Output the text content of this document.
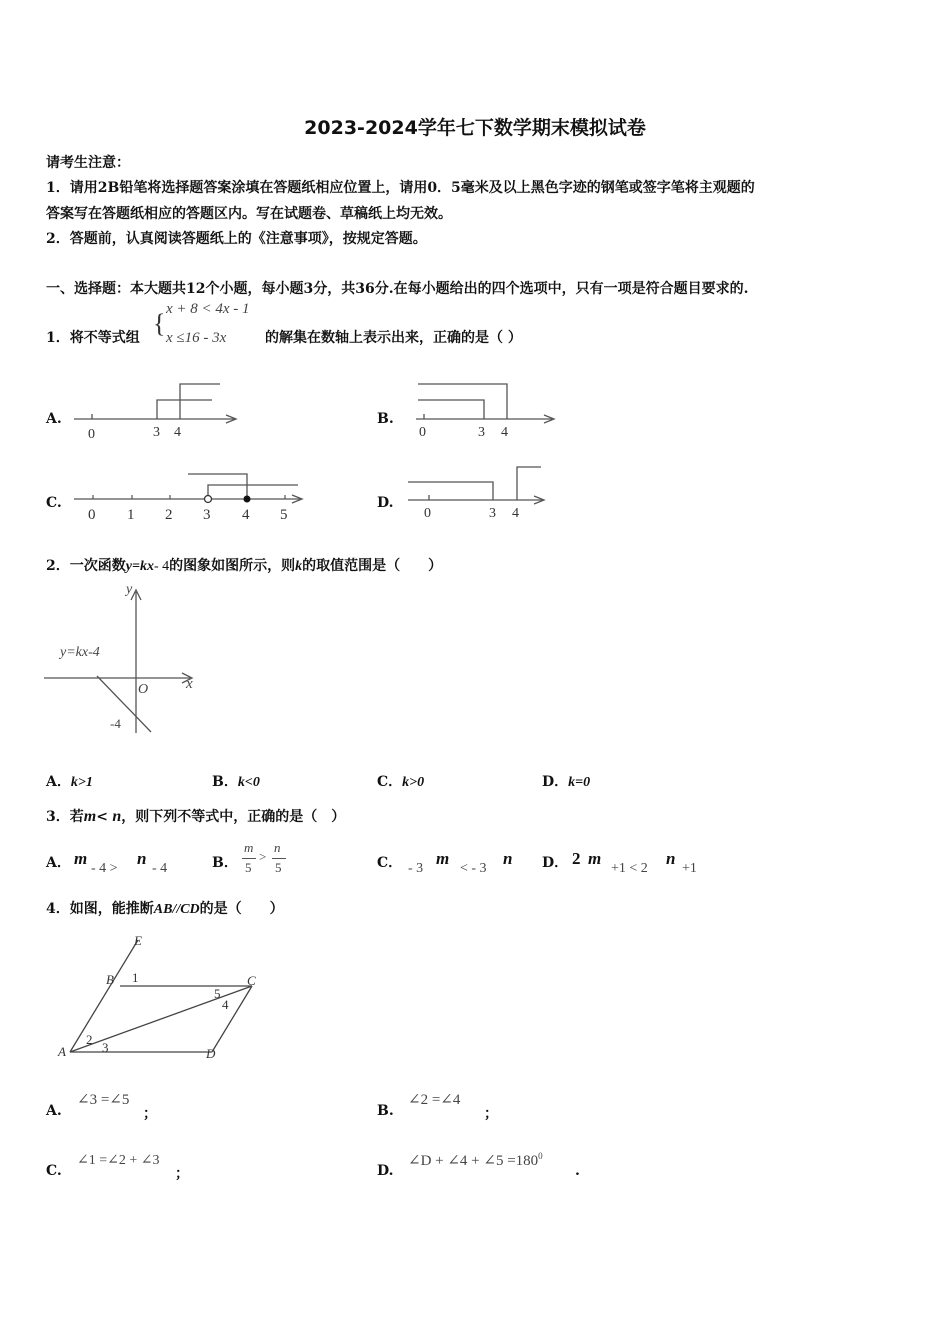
2023-2024学年七下数学期末模拟试卷
请考生注意：
1．请用2B铅笔将选择题答案涂填在答题纸相应位置上，请用0．5毫米及以上黑色字迹的钢笔或签字笔将主观题的
答案写在答题纸相应的答题区内。写在试题卷、草稿纸上均无效。
2．答题前，认真阅读答题纸上的《注意事项》，按规定答题。
一、选择题：本大题共12个小题，每小题3分，共36分.在每小题给出的四个选项中，只有一项是符合题目要求的.
1．将不等式组 { x + 8 < 4x - 1
x ≤16 - 3x	的解集在数轴上表示出来，正确的是（ ）
A.
0	3 4
B.
0	3 4
C.
0 1 2 3 4 5
D.
0	3 4
2．一次函数y=kx- 4的图象如图所示，则k的取值范围是（　　）
y
x
O
-4
y=kx-4
A．k>1	B．k<0	C．k>0	D．k=0
3．若m< n，则下列不等式中，正确的是（　）
A． m
- 4 >
n
- 4	B．
m
5
>
n
5	C． - 3
m
< - 3
n D． 2 m
+1 < 2
n
+1
4．如图，能推断AB//CD的是（　　）
E
B	C
A	D
1
2
3
4
5
A.
∠3 =∠5
；	B.
∠2 =∠4
；
C.
∠1 =∠2 + ∠3
；	D.
∠D + ∠4 + ∠5 $=180^0$
.
